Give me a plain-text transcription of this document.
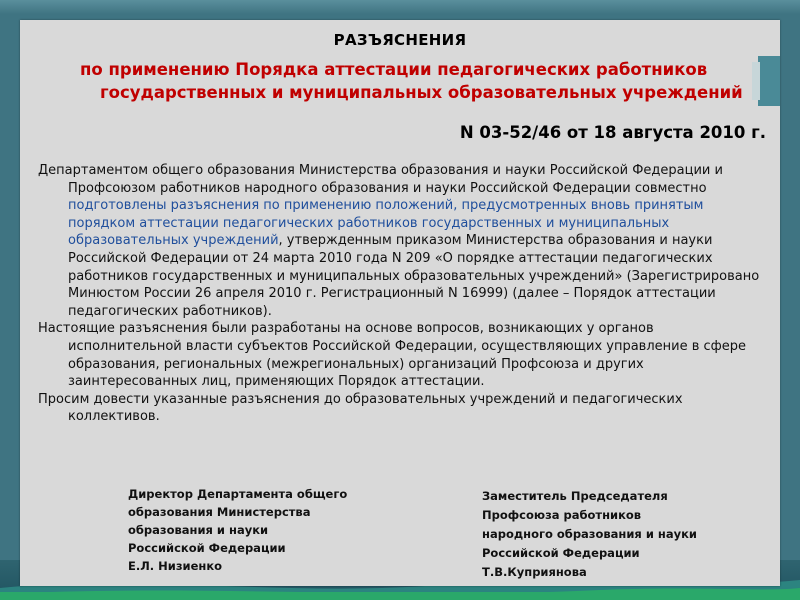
РАЗЪЯСНЕНИЯ
по применению Порядка аттестации педагогических работников
государственных и муниципальных образовательных учреждений
N 03-52/46 от 18 августа 2010 г.

Департаментом общего образования Министерства образования и науки Российской Федерации и Профсоюзом работников народного образования и науки Российской Федерации совместно подготовлены разъяснения по применению положений, предусмотренных вновь принятым порядком аттестации педагогических работников государственных и муниципальных образовательных учреждений, утвержденным приказом Министерства образования и науки Российской Федерации от 24 марта 2010 года N 209 «О порядке аттестации педагогических работников государственных и муниципальных образовательных учреждений» (Зарегистрировано Минюстом России 26 апреля 2010 г. Регистрационный N 16999) (далее – Порядок аттестации педагогических работников).

Настоящие разъяснения были разработаны на основе вопросов, возникающих у органов исполнительной власти субъектов Российской Федерации, осуществляющих управление в сфере образования, региональных (межрегиональных) организаций Профсоюза и других заинтересованных лиц, применяющих Порядок аттестации.

Просим довести указанные разъяснения до образовательных учреждений и педагогических коллективов.

Директор Департамента общего
образования Министерства
образования и науки
Российской Федерации
Е.Л. Низиенко
Заместитель Председателя
Профсоюза работников
народного образования и науки
Российской Федерации
Т.В.Куприянова
